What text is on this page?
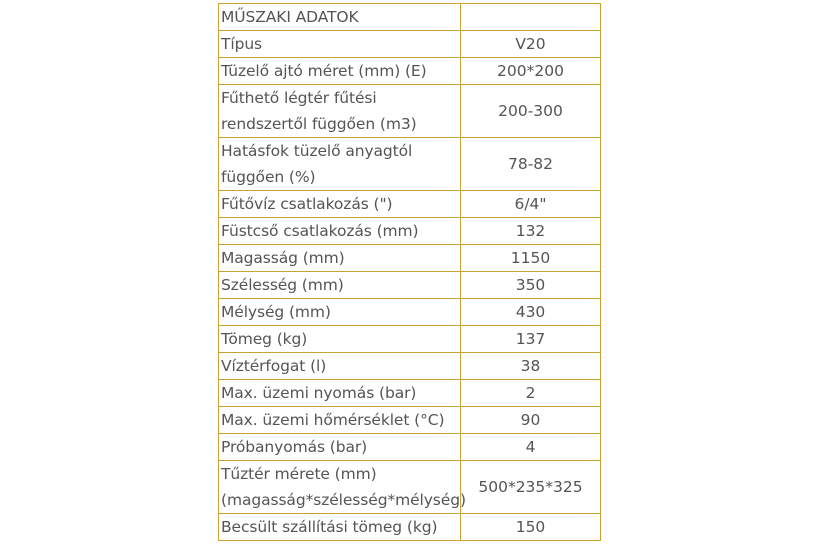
MŰSZAKI ADATOK	
Típus	V20
Tüzelő ajtó méret (mm) (E)	200*200
Fűthető légtér fűtési rendszertől függően (m3)	200-300
Hatásfok tüzelő anyagtól függően (%)	78-82
Fűtővíz csatlakozás (")	6/4"
Füstcső csatlakozás (mm)	132
Magasság (mm)	1150
Szélesség (mm)	350
Mélység (mm)	430
Tömeg (kg)	137
Víztérfogat (l)	38
Max. üzemi nyomás (bar)	2
Max. üzemi hőmérséklet (°C)	90
Próbanyomás (bar)	4
Tűztér mérete (mm) (magasság*szélesség*mélység)	500*235*325
Becsült szállítási tömeg (kg)	150
